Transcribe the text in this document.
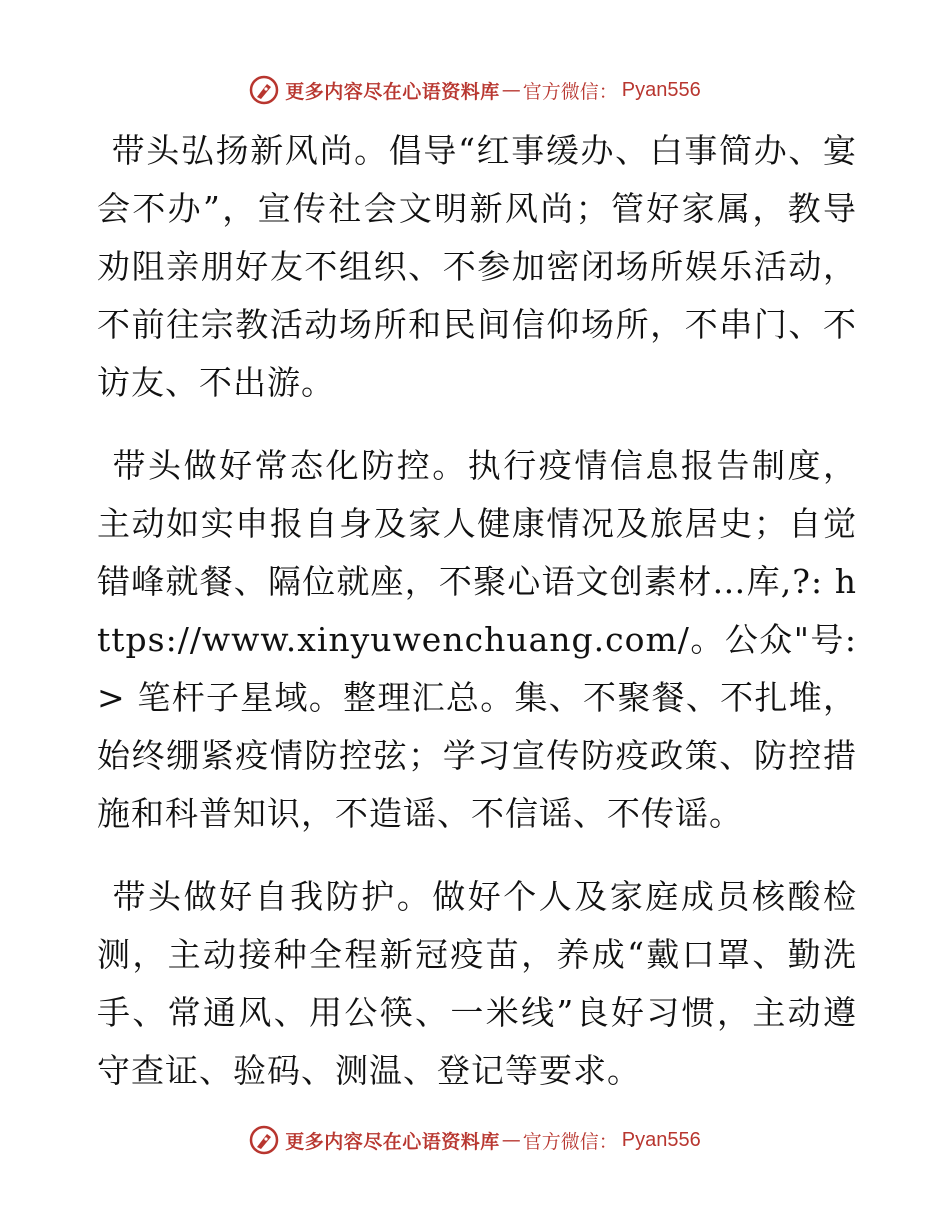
更多内容尽在心语资料库 — 官方微信： Pyan556

带头弘扬新风尚。倡导“红事缓办、白事简办、宴会不办”，宣传社会文明新风尚；管好家属，教导劝阻亲朋好友不组织、不参加密闭场所娱乐活动，不前往宗教活动场所和民间信仰场所，不串门、不访友、不出游。

带头做好常态化防控。执行疫情信息报告制度，主动如实申报自身及家人健康情况及旅居史；自觉错峰就餐、隔位就座，不聚心语文创素材…库,?: https://www.xinyuwenchuang.com/。公众"号: > 笔杆子星域。整理汇总。集、不聚餐、不扎堆，始终绷紧疫情防控弦；学习宣传防疫政策、防控措施和科普知识，不造谣、不信谣、不传谣。

带头做好自我防护。做好个人及家庭成员核酸检测，主动接种全程新冠疫苗，养成“戴口罩、勤洗手、常通风、用公筷、一米线”良好习惯，主动遵守查证、验码、测温、登记等要求。

更多内容尽在心语资料库 — 官方微信： Pyan556
